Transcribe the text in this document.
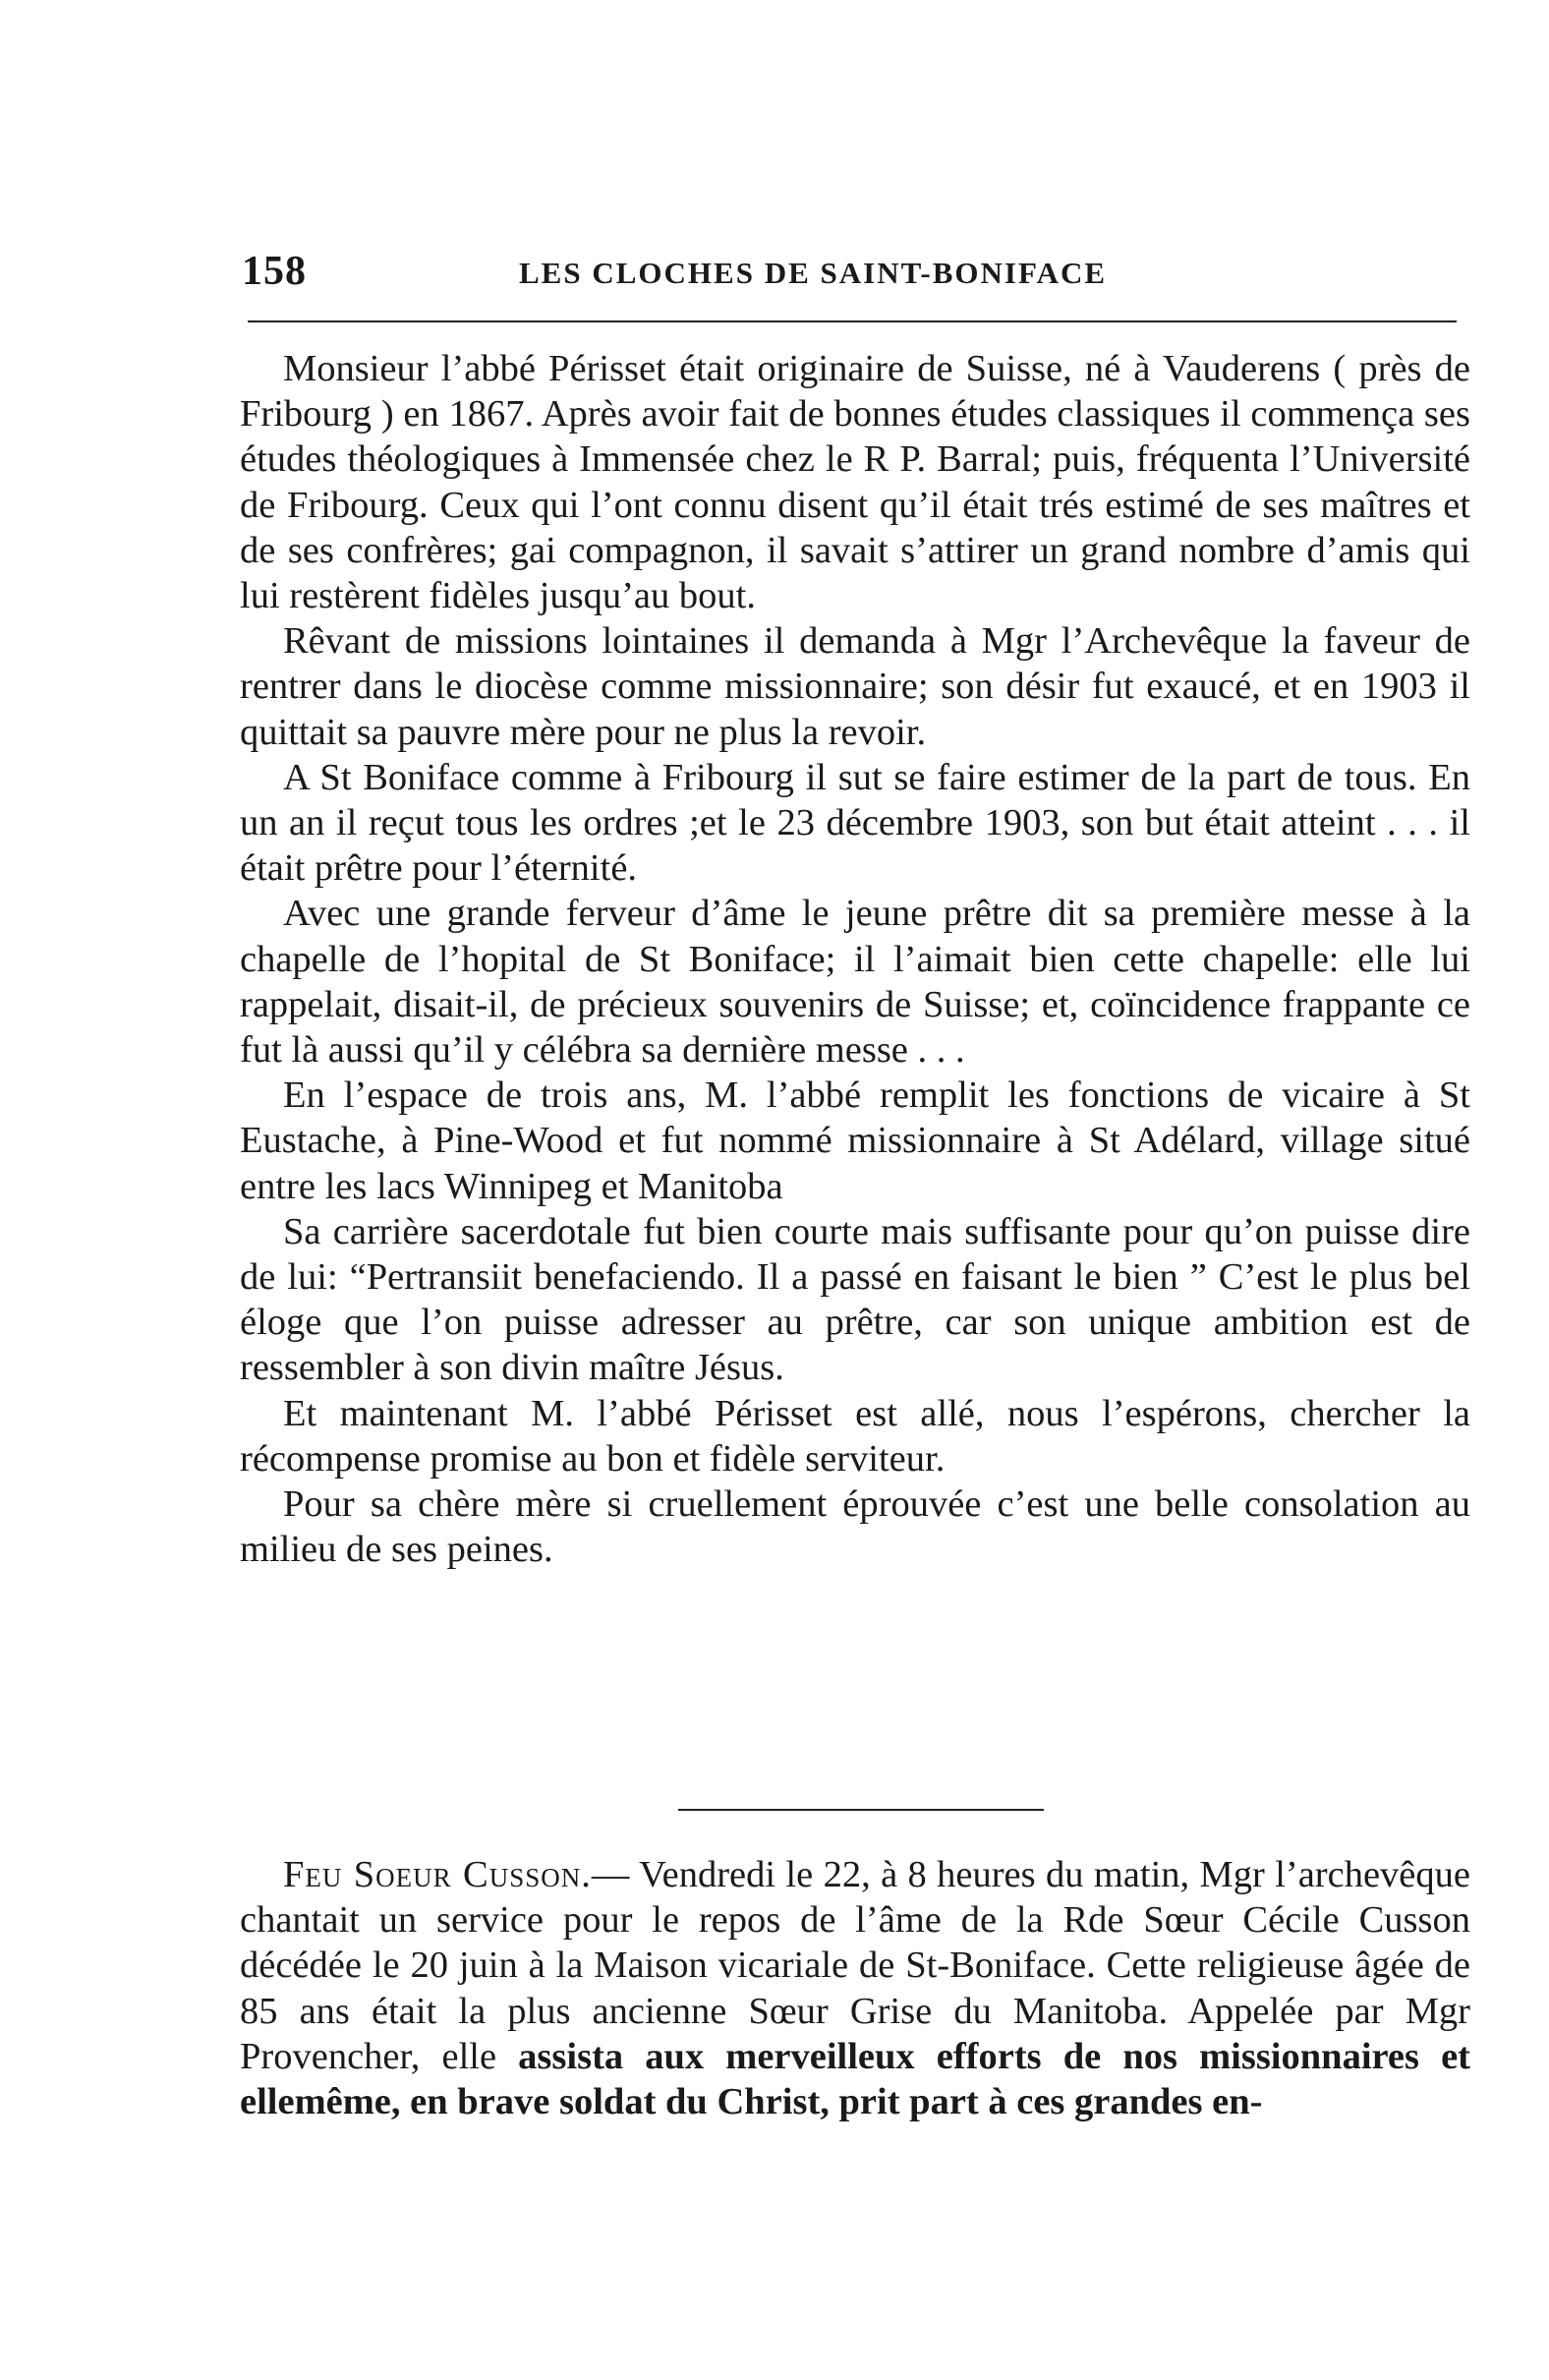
158	LES CLOCHES DE SAINT-BONIFACE

Monsieur l’abbé Périsset était originaire de Suisse, né à Vauderens ( près de Fribourg ) en 1867. Après avoir fait de bonnes études classiques il commença ses études théologiques à Immensée chez le R P. Barral; puis, fréquenta l’Université de Fribourg. Ceux qui l’ont connu disent qu’il était trés estimé de ses maîtres et de ses confrères; gai compagnon, il savait s’attirer un grand nombre d’amis qui lui restèrent fidèles jusqu’au bout.

Rêvant de missions lointaines il demanda à Mgr l’Archevêque la faveur de rentrer dans le diocèse comme missionnaire; son désir fut exaucé, et en 1903 il quittait sa pauvre mère pour ne plus la revoir.

A St Boniface comme à Fribourg il sut se faire estimer de la part de tous. En un an il reçut tous les ordres ;et le 23 décembre 1903, son but était atteint . . . il était prêtre pour l’éternité.

Avec une grande ferveur d’âme le jeune prêtre dit sa première messe à la chapelle de l’hopital de St Boniface; il l’aimait bien cette chapelle: elle lui rappelait, disait-il, de précieux souvenirs de Suisse; et, coïncidence frappante ce fut là aussi qu’il y célébra sa dernière messe . . .

En l’espace de trois ans, M. l’abbé remplit les fonctions de vicaire à St Eustache, à Pine-Wood et fut nommé missionnaire à St Adélard, village situé entre les lacs Winnipeg et Manitoba

Sa carrière sacerdotale fut bien courte mais suffisante pour qu’on puisse dire de lui: “Pertransiit benefaciendo. Il a passé en faisant le bien ” C’est le plus bel éloge que l’on puisse adresser au prêtre, car son unique ambition est de ressembler à son divin maître Jésus.

Et maintenant M. l’abbé Périsset est allé, nous l’espérons, chercher la récompense promise au bon et fidèle serviteur.

Pour sa chère mère si cruellement éprouvée c’est une belle consolation au milieu de ses peines.

Feu Soeur Cusson.— Vendredi le 22, à 8 heures du matin, Mgr l’archevêque chantait un service pour le repos de l’âme de la Rde Sœur Cécile Cusson décédée le 20 juin à la Maison vicariale de St-Boniface. Cette religieuse âgée de 85 ans était la plus ancienne Sœur Grise du Manitoba. Appelée par Mgr Provencher, elle assista aux merveilleux efforts de nos missionnaires et ellemême, en brave soldat du Christ, prit part à ces grandes en-
